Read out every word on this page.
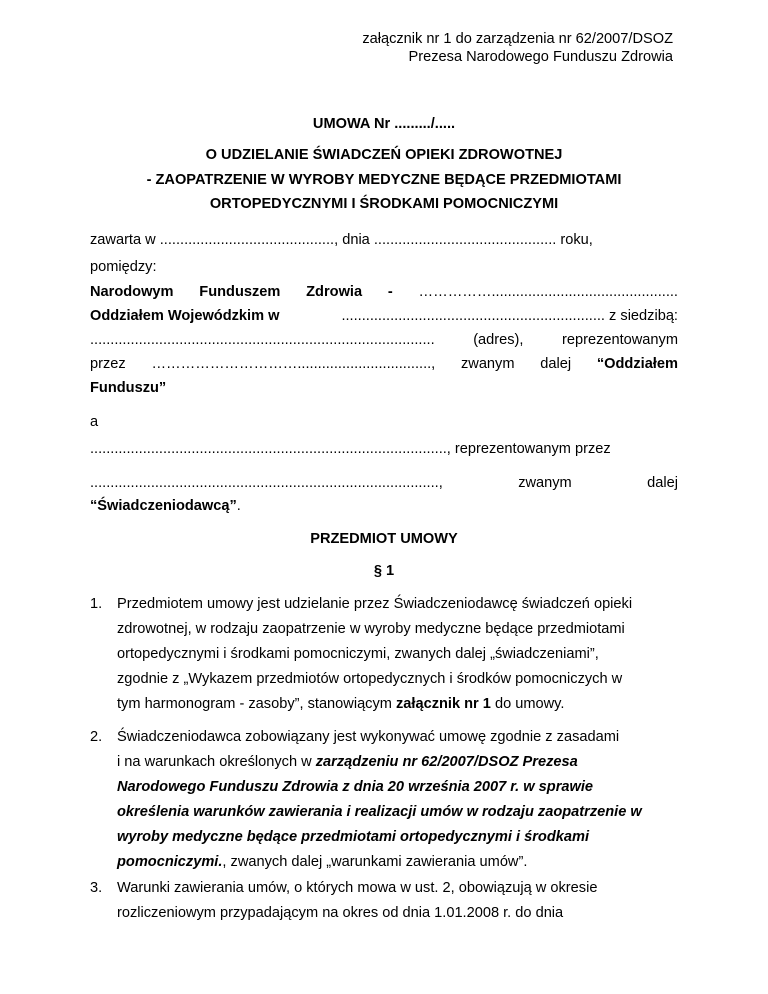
załącznik nr 1 do zarządzenia nr 62/2007/DSOZ
Prezesa Narodowego Funduszu Zdrowia
UMOWA Nr ........./.....
O UDZIELANIE ŚWIADCZEŃ OPIEKI ZDROWOTNEJ
- ZAOPATRZENIE W WYROBY MEDYCZNE BĘDĄCE PRZEDMIOTAMI
ORTOPEDYCZNYMI I ŚRODKAMI POMOCNICZYMI
zawarta w ..........................................., dnia ............................................. roku,
pomiędzy:
Narodowym Funduszem Zdrowia - ……………..............................................
Oddziałem Wojewódzkim w	................................................................. z siedzibą:
.....................................................................................	(adres),	reprezentowanym
przez …………………………................................., zwanym dalej “Oddziałem
Funduszu”
a
........................................................................................, reprezentowanym przez
......................................................................................,	zwanym	dalej
“Świadczeniodawcą”.
PRZEDMIOT UMOWY
§ 1
1. Przedmiotem umowy jest udzielanie przez Świadczeniodawcę świadczeń opieki
zdrowotnej, w rodzaju zaopatrzenie w wyroby medyczne będące przedmiotami
ortopedycznymi i środkami pomocniczymi, zwanych dalej „świadczeniami”,
zgodnie z „Wykazem przedmiotów ortopedycznych i środków pomocniczych w
tym harmonogram - zasoby”, stanowiącym załącznik nr 1 do umowy.
2. Świadczeniodawca zobowiązany jest wykonywać umowę zgodnie z zasadami
i na warunkach określonych w zarządzeniu nr 62/2007/DSOZ Prezesa
Narodowego Funduszu Zdrowia z dnia 20 września 2007 r. w sprawie
określenia warunków zawierania i realizacji umów w rodzaju zaopatrzenie w
wyroby medyczne będące przedmiotami ortopedycznymi i środkami
pomocniczymi., zwanych dalej „warunkami zawierania umów”.
3. Warunki zawierania umów, o których mowa w ust. 2, obowiązują w okresie
rozliczeniowym przypadającym na okres od dnia 1.01.2008 r. do dnia
